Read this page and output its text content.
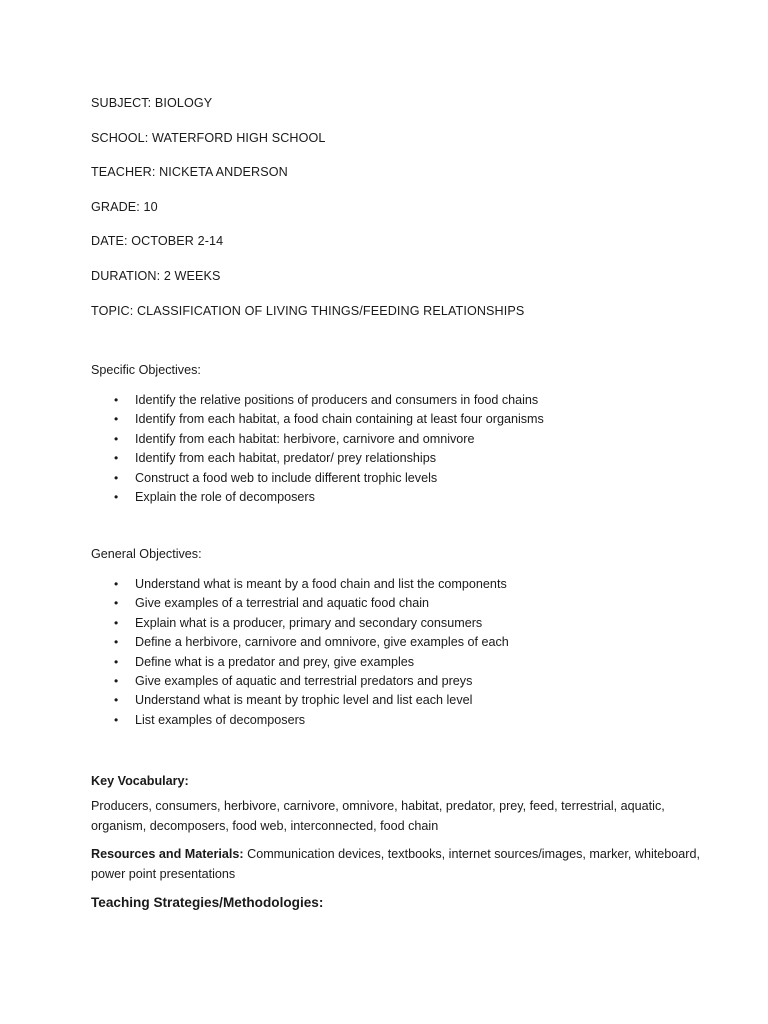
SUBJECT: BIOLOGY

SCHOOL: WATERFORD HIGH SCHOOL

TEACHER: NICKETA ANDERSON

GRADE: 10

DATE: OCTOBER 2-14

DURATION: 2 WEEKS

TOPIC: CLASSIFICATION OF LIVING THINGS/FEEDING RELATIONSHIPS

Specific Objectives:

• Identify the relative positions of producers and consumers in food chains
• Identify from each habitat, a food chain containing at least four organisms
• Identify from each habitat: herbivore, carnivore and omnivore
• Identify from each habitat, predator/ prey relationships
• Construct a food web to include different trophic levels
• Explain the role of decomposers

General Objectives:

• Understand what is meant by a food chain and list the components
• Give examples of a terrestrial and aquatic food chain
• Explain what is a producer, primary and secondary consumers
• Define a herbivore, carnivore and omnivore, give examples of each
• Define what is a predator and prey, give examples
• Give examples of aquatic and terrestrial predators and preys
• Understand what is meant by trophic level and list each level
• List examples of decomposers

Key Vocabulary:

Producers, consumers, herbivore, carnivore, omnivore, habitat, predator, prey, feed, terrestrial, aquatic, organism, decomposers, food web, interconnected, food chain

Resources and Materials: Communication devices, textbooks, internet sources/images, marker, whiteboard, power point presentations

Teaching Strategies/Methodologies:
